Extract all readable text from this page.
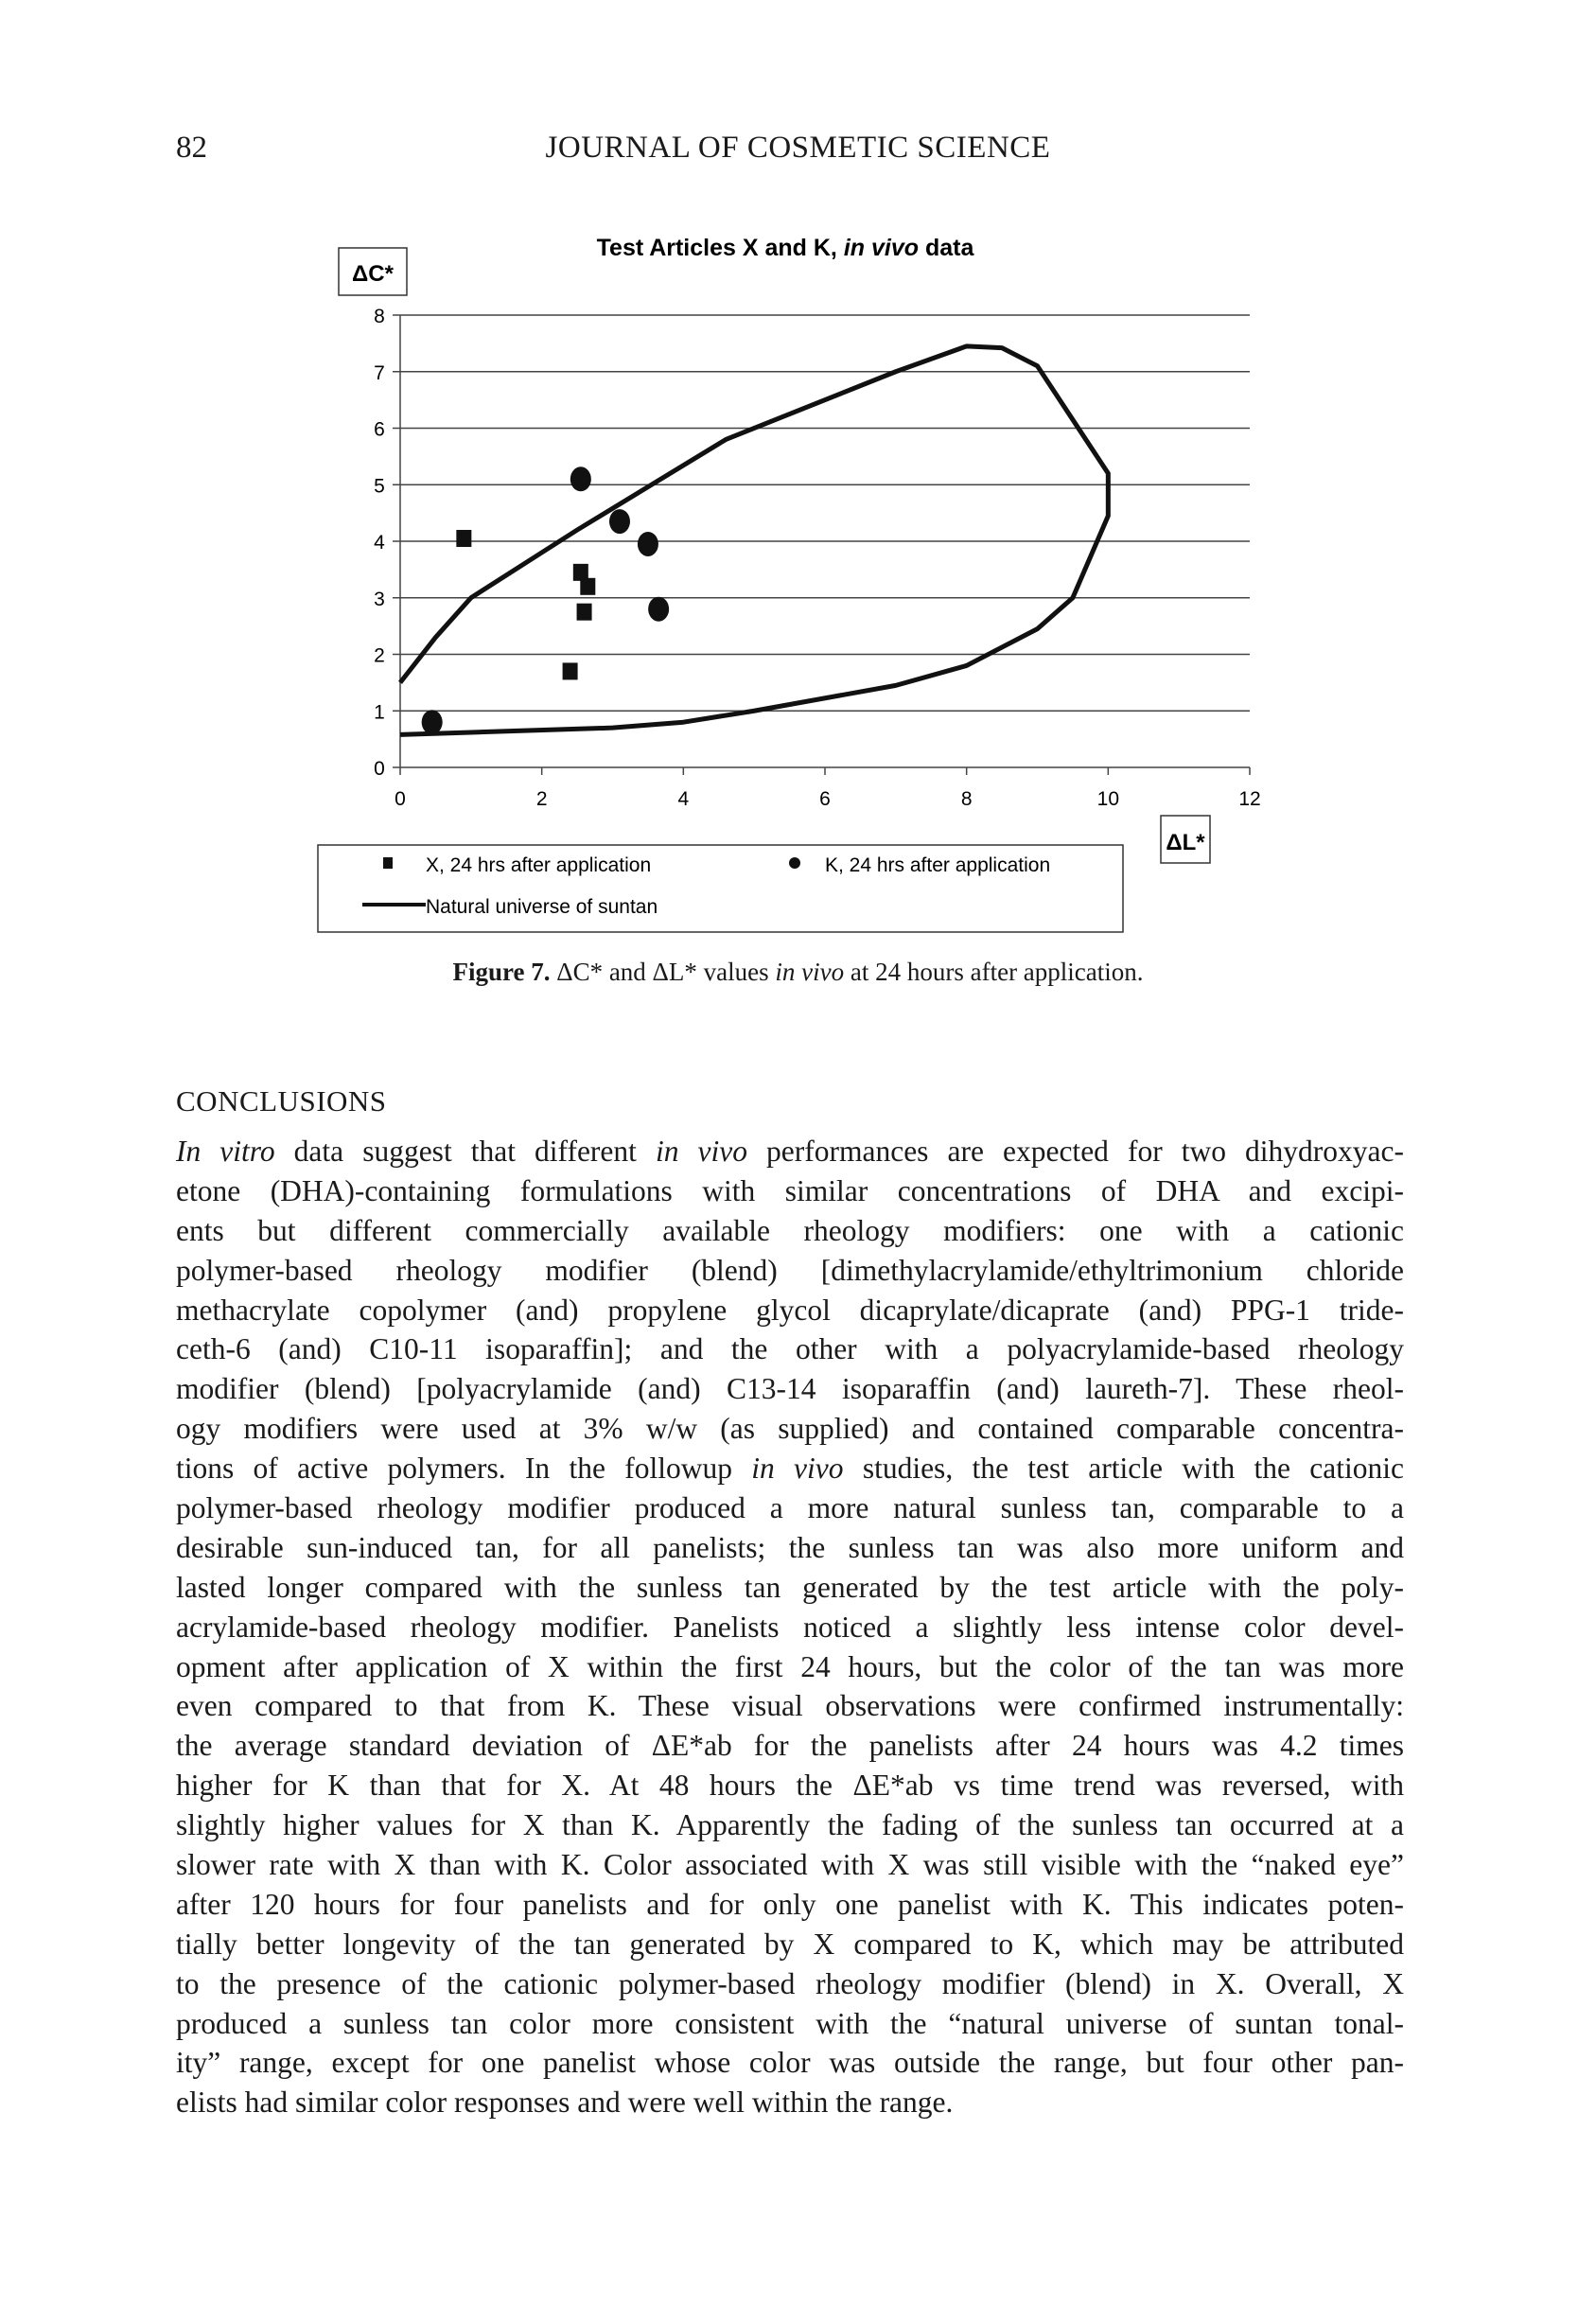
82	JOURNAL OF COSMETIC SCIENCE
Test Articles X and K, in vivo data
ΔC*
ΔL*
0
1
2
3
4
5
6
7
8
0	2	4	6	8	10	12
X, 24 hrs after application	K, 24 hrs after application
Natural universe of suntan
Figure 7. ΔC* and ΔL* values in vivo at 24 hours after application.
CONCLUSIONS
In vitro data suggest that different in vivo performances are expected for two dihydroxyac-
etone (DHA)-containing formulations with similar concentrations of DHA and excipi-
ents but different commercially available rheology modifiers: one with a cationic
polymer-based rheology modifier (blend) [dimethylacrylamide/ethyltrimonium chloride
methacrylate copolymer (and) propylene glycol dicaprylate/dicaprate (and) PPG-1 tride-
ceth-6 (and) C10-11 isoparaffin]; and the other with a polyacrylamide-based rheology
modifier (blend) [polyacrylamide (and) C13-14 isoparaffin (and) laureth-7]. These rheol-
ogy modifiers were used at 3% w/w (as supplied) and contained comparable concentra-
tions of active polymers. In the followup in vivo studies, the test article with the cationic
polymer-based rheology modifier produced a more natural sunless tan, comparable to a
desirable sun-induced tan, for all panelists; the sunless tan was also more uniform and
lasted longer compared with the sunless tan generated by the test article with the poly-
acrylamide-based rheology modifier. Panelists noticed a slightly less intense color devel-
opment after application of X within the first 24 hours, but the color of the tan was more
even compared to that from K. These visual observations were confirmed instrumentally:
the average standard deviation of ΔE*ab for the panelists after 24 hours was 4.2 times
higher for K than that for X. At 48 hours the ΔE*ab vs time trend was reversed, with
slightly higher values for X than K. Apparently the fading of the sunless tan occurred at a
slower rate with X than with K. Color associated with X was still visible with the “naked eye”
after 120 hours for four panelists and for only one panelist with K. This indicates poten-
tially better longevity of the tan generated by X compared to K, which may be attributed
to the presence of the cationic polymer-based rheology modifier (blend) in X. Overall, X
produced a sunless tan color more consistent with the “natural universe of suntan tonal-
ity” range, except for one panelist whose color was outside the range, but four other pan-
elists had similar color responses and were well within the range.
